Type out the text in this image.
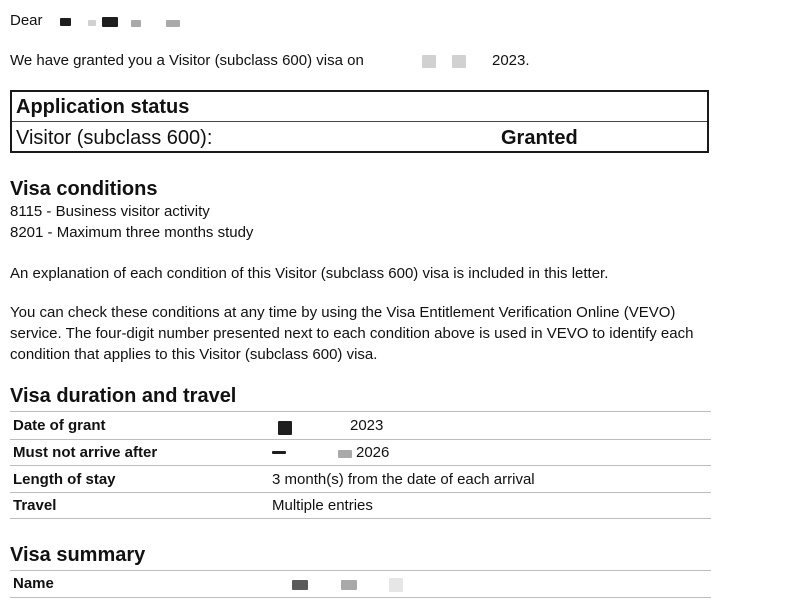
Dear
We have granted you a Visitor (subclass 600) visa on	2023.
Application status
Visitor (subclass 600):	Granted
Visa conditions
8115 - Business visitor activity
8201 - Maximum three months study
An explanation of each condition of this Visitor (subclass 600) visa is included in this letter.
You can check these conditions at any time by using the Visa Entitlement Verification Online (VEVO) service. The four-digit number presented next to each condition above is used in VEVO to identify each condition that applies to this Visitor (subclass 600) visa.
Visa duration and travel
Date of grant	2023
Must not arrive after	2026
Length of stay	3 month(s) from the date of each arrival
Travel	Multiple entries
Visa summary
Name
